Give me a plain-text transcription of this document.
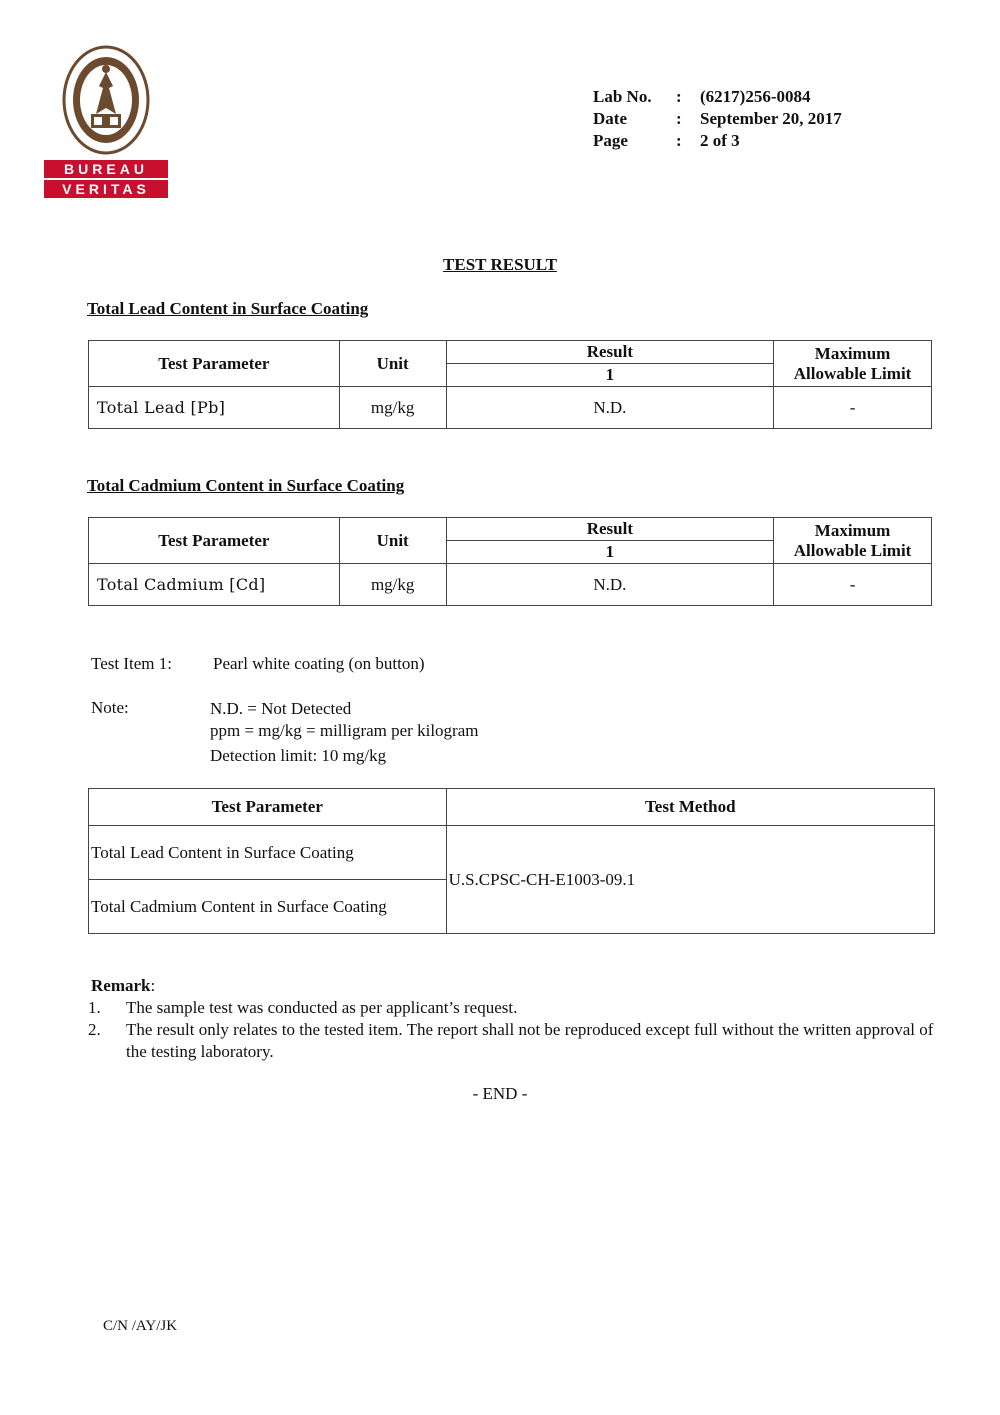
BUREAU
VERITAS
Lab No.	:	(6217)256-0084
Date	:	September 20, 2017
Page	:	2 of 3
TEST RESULT
Total Lead Content in Surface Coating
Test Parameter	Unit	Result	Maximum
Allowable Limit

		1	
Total Lead [Pb]	mg/kg	N.D.	-
Total Cadmium Content in Surface Coating
Test Parameter	Unit	Result	Maximum
Allowable Limit

		1	
Total Cadmium [Cd]	mg/kg	N.D.	-
Test Item 1: Pearl white coating (on button)
Note:	N.D. = Not Detected
ppm = mg/kg = milligram per kilogram
Detection limit: 10 mg/kg
Test Parameter	Test Method
Total Lead Content in Surface Coating	U.S.CPSC-CH-E1003-09.1
Total Cadmium Content in Surface Coating	
Remark:
1.	The sample test was conducted as per applicant’s request.
2.	The result only relates to the tested item. The report shall not be reproduced except full without the written approval of the testing laboratory.
- END -
C/N /AY/JK
